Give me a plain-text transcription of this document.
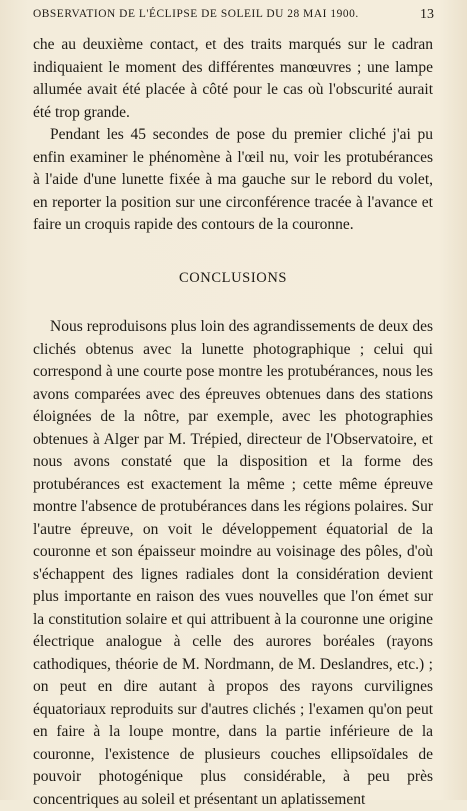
OBSERVATION DE L'ÉCLIPSE DE SOLEIL DU 28 MAI 1900.	13

che au deuxième contact, et des traits marqués sur le cadran indiquaient le moment des différentes manœuvres ; une lampe allumée avait été placée à côté pour le cas où l'obscurité aurait été trop grande.

Pendant les 45 secondes de pose du premier cliché j'ai pu enfin examiner le phénomène à l'œil nu, voir les protubérances à l'aide d'une lunette fixée à ma gauche sur le rebord du volet, en reporter la position sur une circonférence tracée à l'avance et faire un croquis rapide des contours de la couronne.

CONCLUSIONS

Nous reproduisons plus loin des agrandissements de deux des clichés obtenus avec la lunette photographique ; celui qui correspond à une courte pose montre les protubérances, nous les avons comparées avec des épreuves obtenues dans des stations éloignées de la nôtre, par exemple, avec les photographies obtenues à Alger par M. Trépied, directeur de l'Observatoire, et nous avons constaté que la disposition et la forme des protubérances est exactement la même ; cette même épreuve montre l'absence de protubérances dans les régions polaires. Sur l'autre épreuve, on voit le développement équatorial de la couronne et son épaisseur moindre au voisinage des pôles, d'où s'échappent des lignes radiales dont la considération devient plus importante en raison des vues nouvelles que l'on émet sur la constitution solaire et qui attribuent à la couronne une origine électrique analogue à celle des aurores boréales (rayons cathodiques, théorie de M. Nordmann, de M. Deslandres, etc.) ; on peut en dire autant à propos des rayons curvilignes équatoriaux reproduits sur d'autres clichés ; l'examen qu'on peut en faire à la loupe montre, dans la partie inférieure de la couronne, l'existence de plusieurs couches ellipsoïdales de pouvoir photogénique plus considérable, à peu près concentriques au soleil et présentant un aplatissement
